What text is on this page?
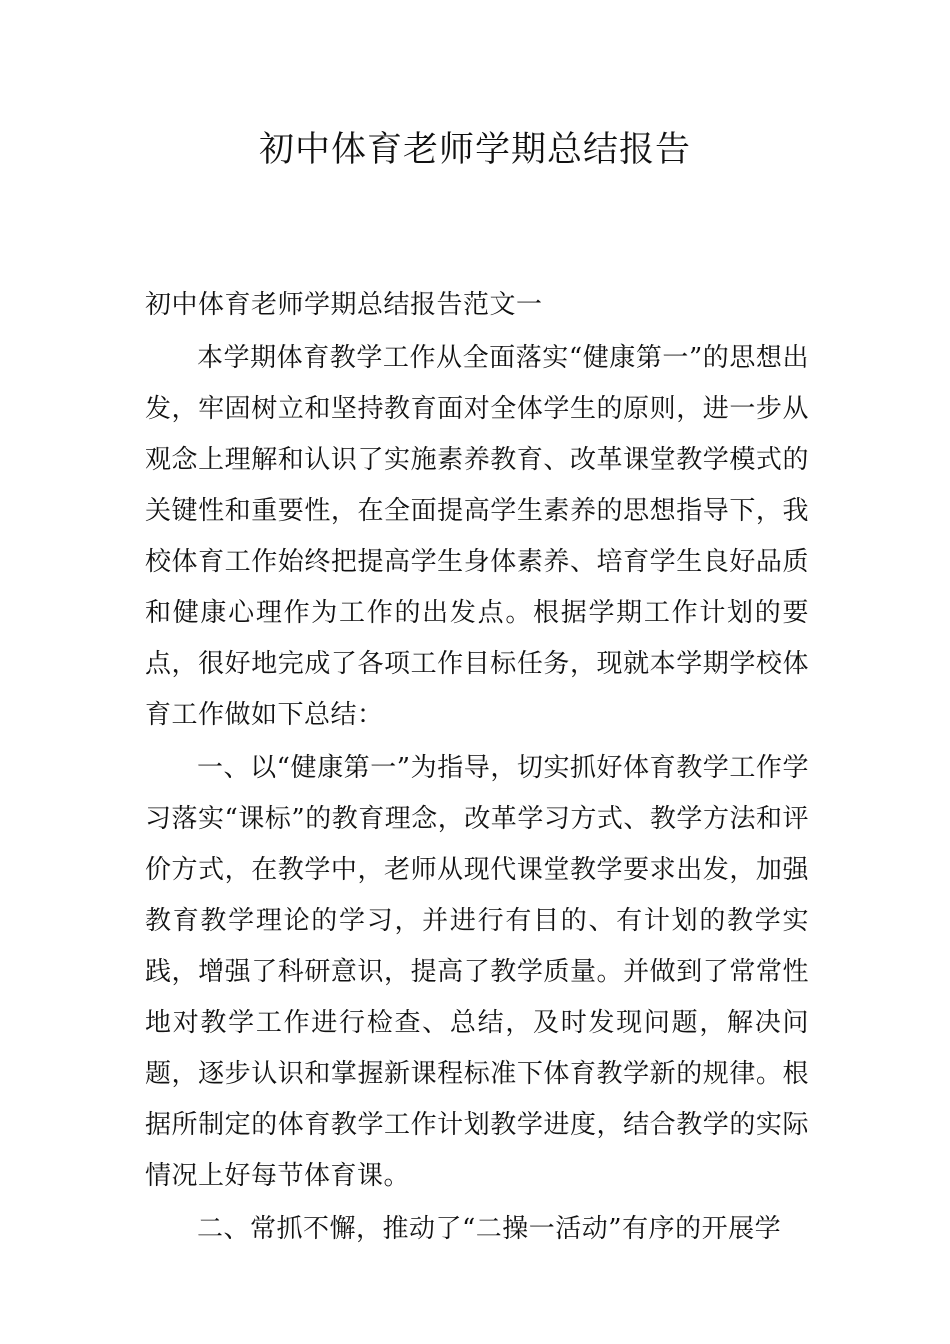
初中体育老师学期总结报告

初中体育老师学期总结报告范文一

本学期体育教学工作从全面落实“健康第一”的思想出发，牢固树立和坚持教育面对全体学生的原则，进一步从观念上理解和认识了实施素养教育、改革课堂教学模式的关键性和重要性，在全面提高学生素养的思想指导下，我校体育工作始终把提高学生身体素养、培育学生良好品质和健康心理作为工作的出发点。根据学期工作计划的要点，很好地完成了各项工作目标任务，现就本学期学校体育工作做如下总结：

一、以“健康第一”为指导，切实抓好体育教学工作学习落实“课标”的教育理念，改革学习方式、教学方法和评价方式，在教学中，老师从现代课堂教学要求出发，加强教育教学理论的学习，并进行有目的、有计划的教学实践，增强了科研意识，提高了教学质量。并做到了常常性地对教学工作进行检查、总结，及时发现问题，解决问题，逐步认识和掌握新课程标准下体育教学新的规律。根据所制定的体育教学工作计划教学进度，结合教学的实际情况上好每节体育课。

二、常抓不懈，推动了“二操一活动”有序的开展学
